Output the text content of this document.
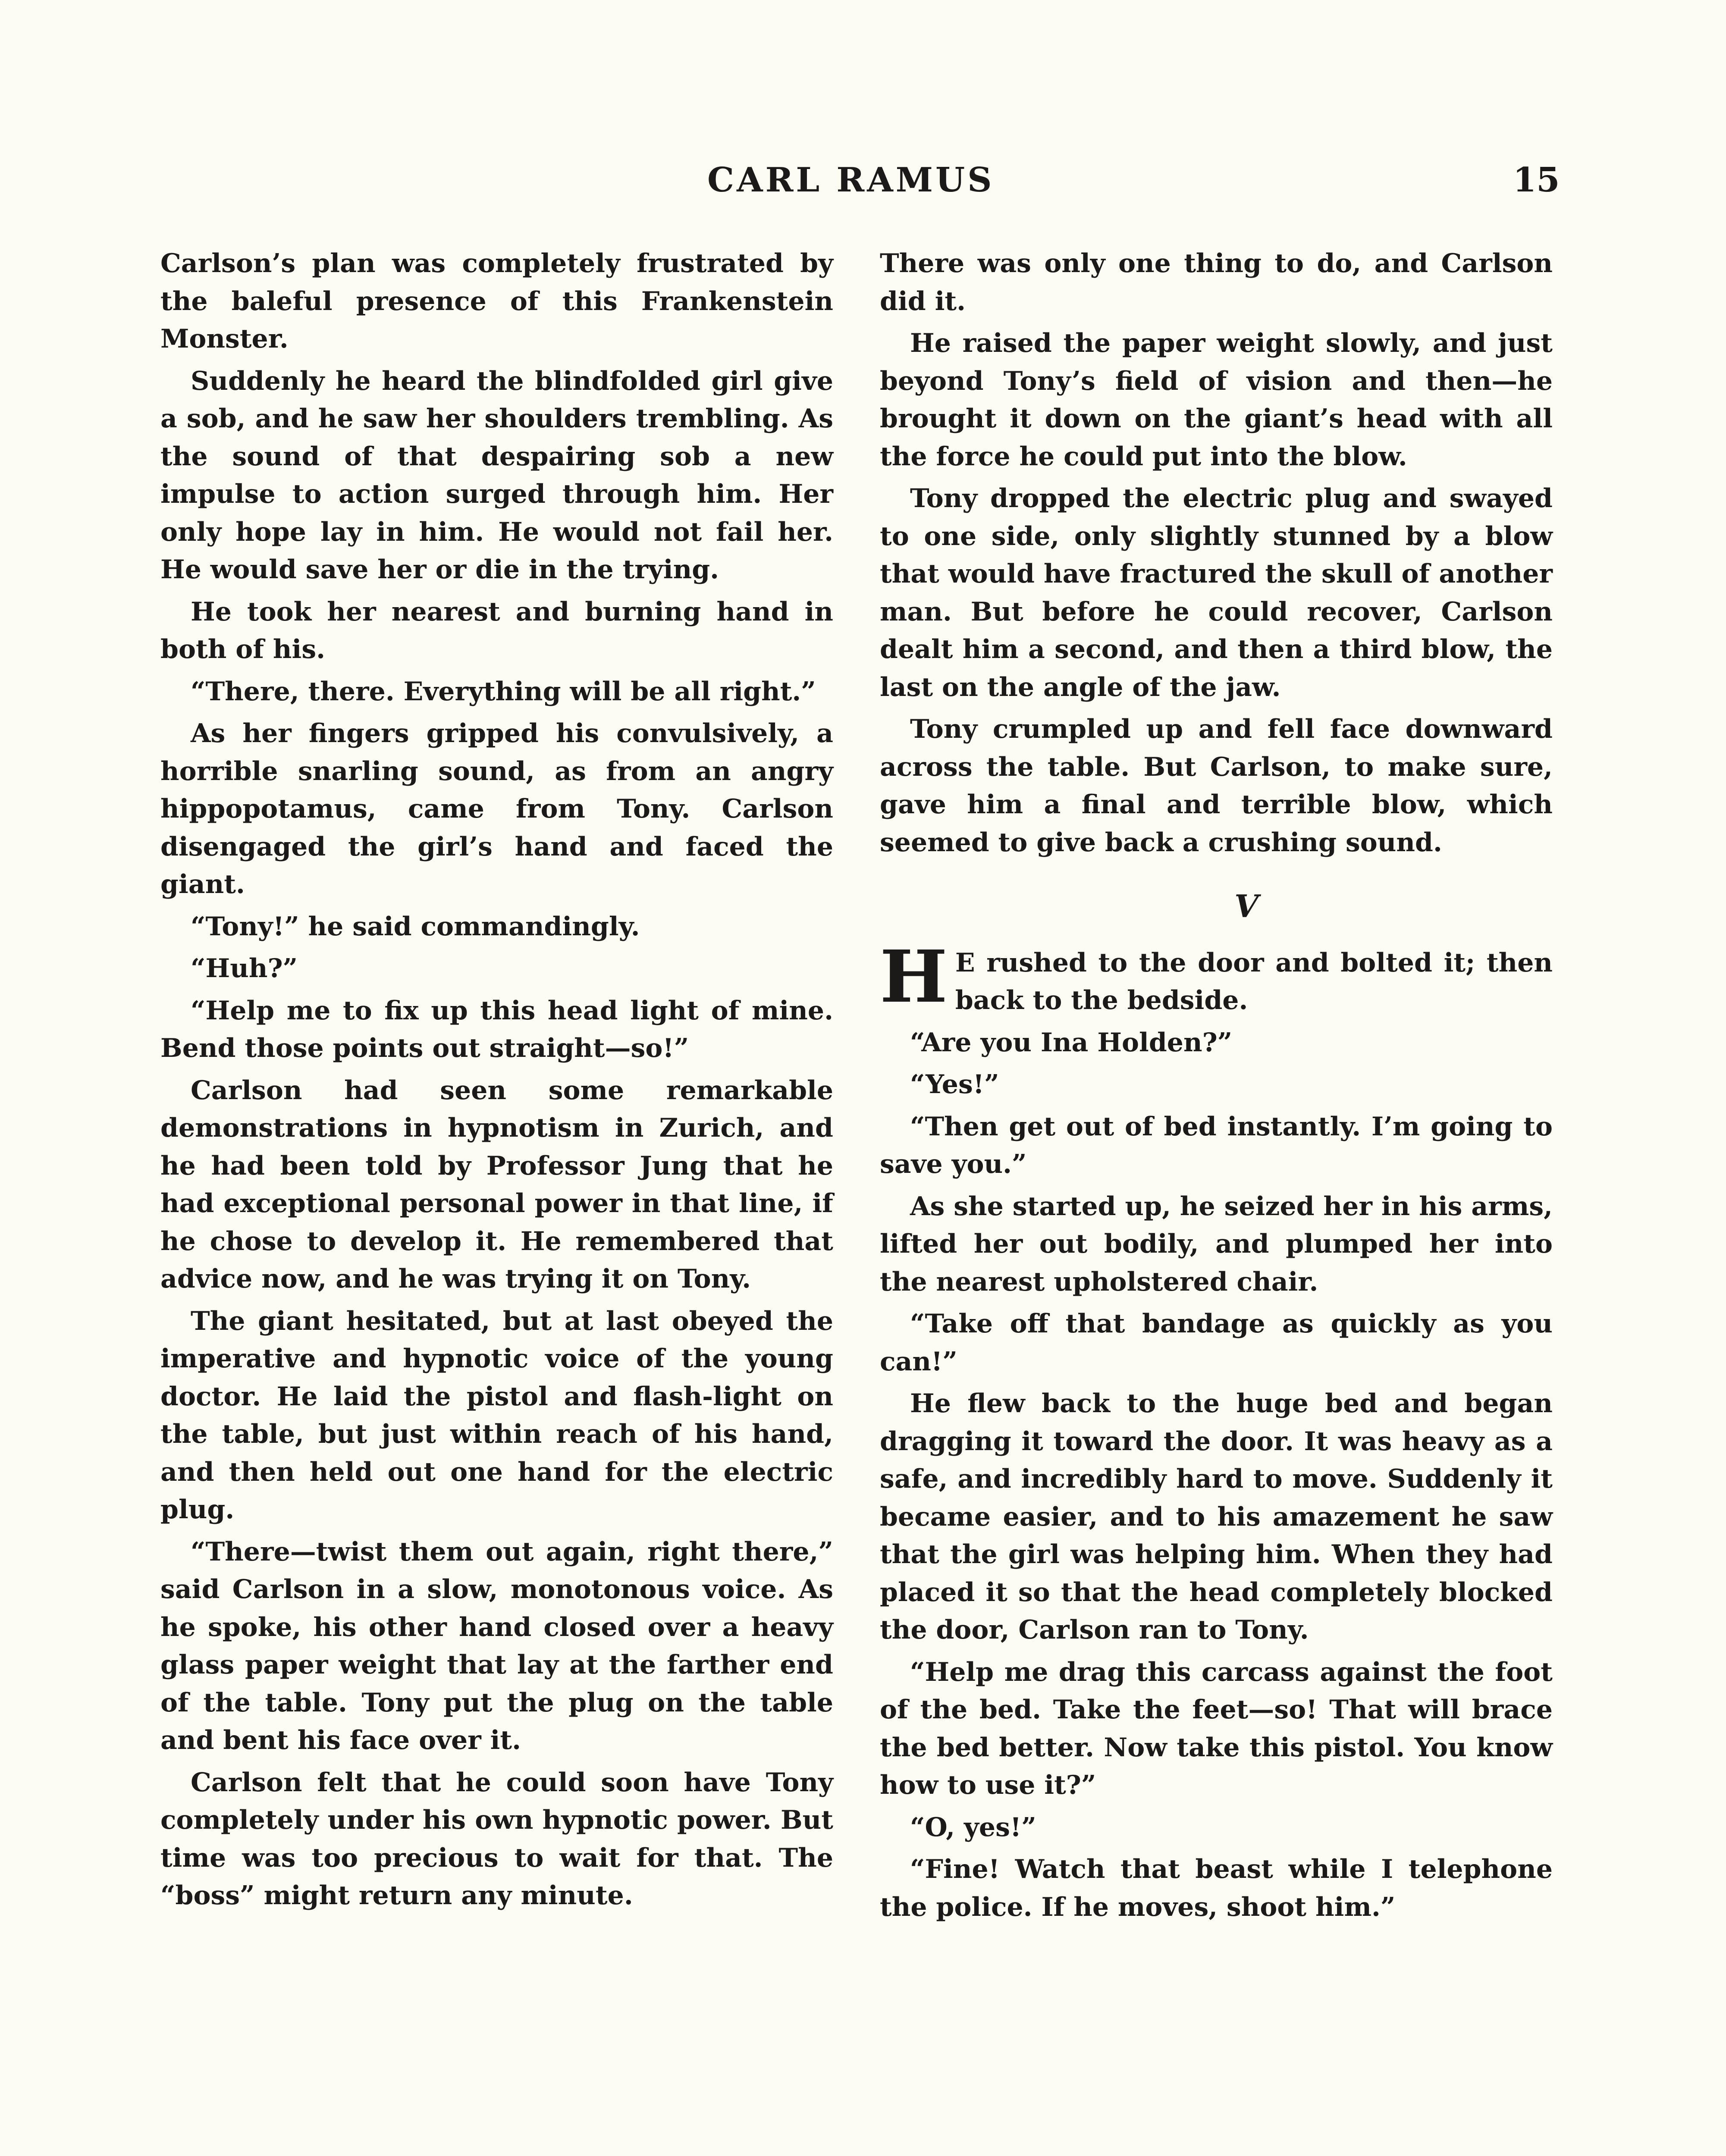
CARL RAMUS	15

Carlson’s plan was completely frustrated by the baleful presence of this Frankenstein Monster.

Suddenly he heard the blindfolded girl give a sob, and he saw her shoulders trembling. As the sound of that despairing sob a new impulse to action surged through him. Her only hope lay in him. He would not fail her. He would save her or die in the trying.

He took her nearest and burning hand in both of his.

“There, there. Everything will be all right.”

As her fingers gripped his convulsively, a horrible snarling sound, as from an angry hippopotamus, came from Tony. Carlson disengaged the girl’s hand and faced the giant.

“Tony!” he said commandingly.

“Huh?”

“Help me to fix up this head light of mine. Bend those points out straight—so!”

Carlson had seen some remarkable demonstrations in hypnotism in Zurich, and he had been told by Professor Jung that he had exceptional personal power in that line, if he chose to develop it. He remembered that advice now, and he was trying it on Tony.

The giant hesitated, but at last obeyed the imperative and hypnotic voice of the young doctor. He laid the pistol and flash-light on the table, but just within reach of his hand, and then held out one hand for the electric plug.

“There—twist them out again, right there,” said Carlson in a slow, monotonous voice. As he spoke, his other hand closed over a heavy glass paper weight that lay at the farther end of the table. Tony put the plug on the table and bent his face over it.

Carlson felt that he could soon have Tony completely under his own hypnotic power. But time was too precious to wait for that. The “boss” might return any minute.

There was only one thing to do, and Carlson did it.

He raised the paper weight slowly, and just beyond Tony’s field of vision and then—he brought it down on the giant’s head with all the force he could put into the blow.

Tony dropped the electric plug and swayed to one side, only slightly stunned by a blow that would have fractured the skull of another man. But before he could recover, Carlson dealt him a second, and then a third blow, the last on the angle of the jaw.

Tony crumpled up and fell face downward across the table. But Carlson, to make sure, gave him a final and terrible blow, which seemed to give back a crushing sound.

V

H E rushed to the door and bolted it; then back to the bedside.

“Are you Ina Holden?”

“Yes!”

“Then get out of bed instantly. I’m going to save you.”

As she started up, he seized her in his arms, lifted her out bodily, and plumped her into the nearest upholstered chair.

“Take off that bandage as quickly as you can!”

He flew back to the huge bed and began dragging it toward the door. It was heavy as a safe, and incredibly hard to move. Suddenly it became easier, and to his amazement he saw that the girl was helping him. When they had placed it so that the head completely blocked the door, Carlson ran to Tony.

“Help me drag this carcass against the foot of the bed. Take the feet—so! That will brace the bed better. Now take this pistol. You know how to use it?”

“O, yes!”

“Fine! Watch that beast while I telephone the police. If he moves, shoot him.”
